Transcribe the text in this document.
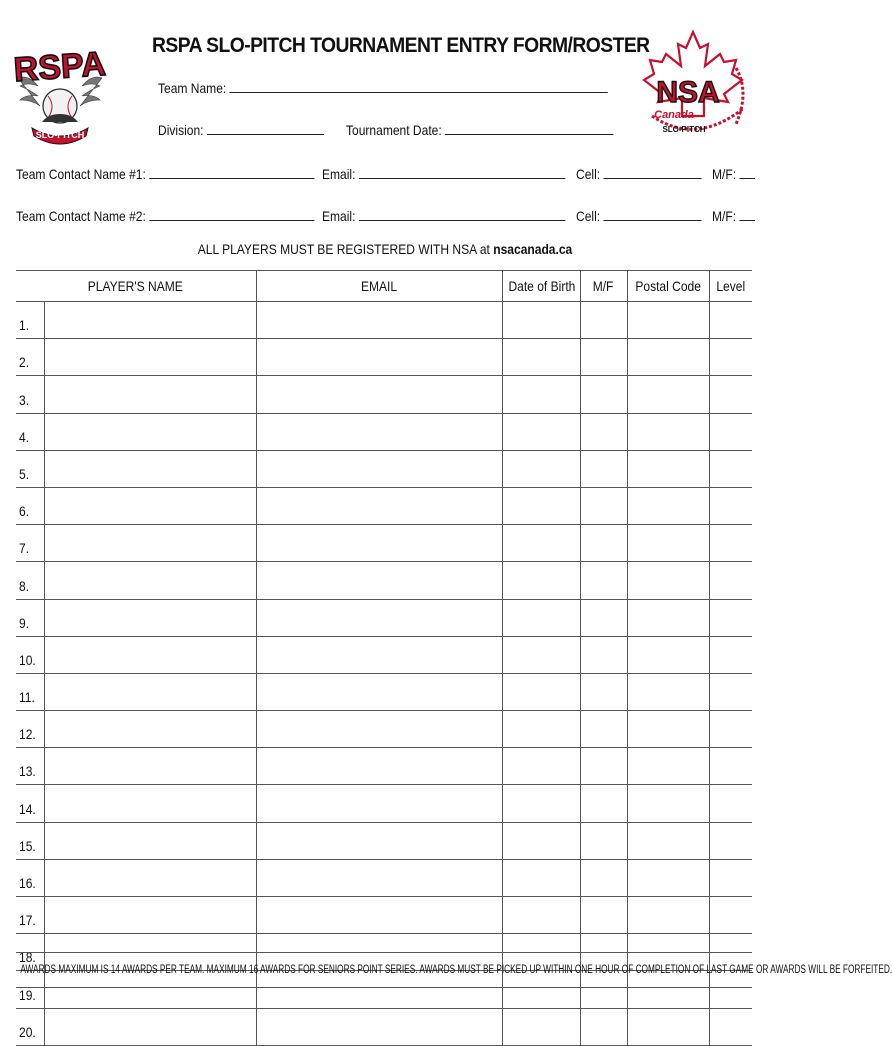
RSPA
SLO-PITCH
NSA
Canada
SLO-PITCH
RSPA SLO-PITCH TOURNAMENT ENTRY FORM/ROSTER
Team Name:
Division:	Tournament Date:
Team Contact Name #1:	Email:	Cell:	M/F:
Team Contact Name #2:	Email:	Cell:	M/F:
ALL PLAYERS MUST BE REGISTERED WITH NSA at nsacanada.ca
PLAYER'S NAME		EMAIL	Date of Birth	M/F	Postal Code	Level
1.						
2.						
3.						
4.						
5.						
6.						
7.						
8.						
9.						
10.						
11.						
12.						
13.						
14.						
15.						
16.						
17.						
18.						
19.						
20.						
AWARDS MAXIMUM IS 14 AWARDS PER TEAM. MAXIMUM 16 AWARDS FOR SENIORS POINT SERIES. AWARDS MUST BE PICKED UP WITHIN ONE HOUR OF COMPLETION OF LAST GAME OR AWARDS WILL BE FORFEITED.
